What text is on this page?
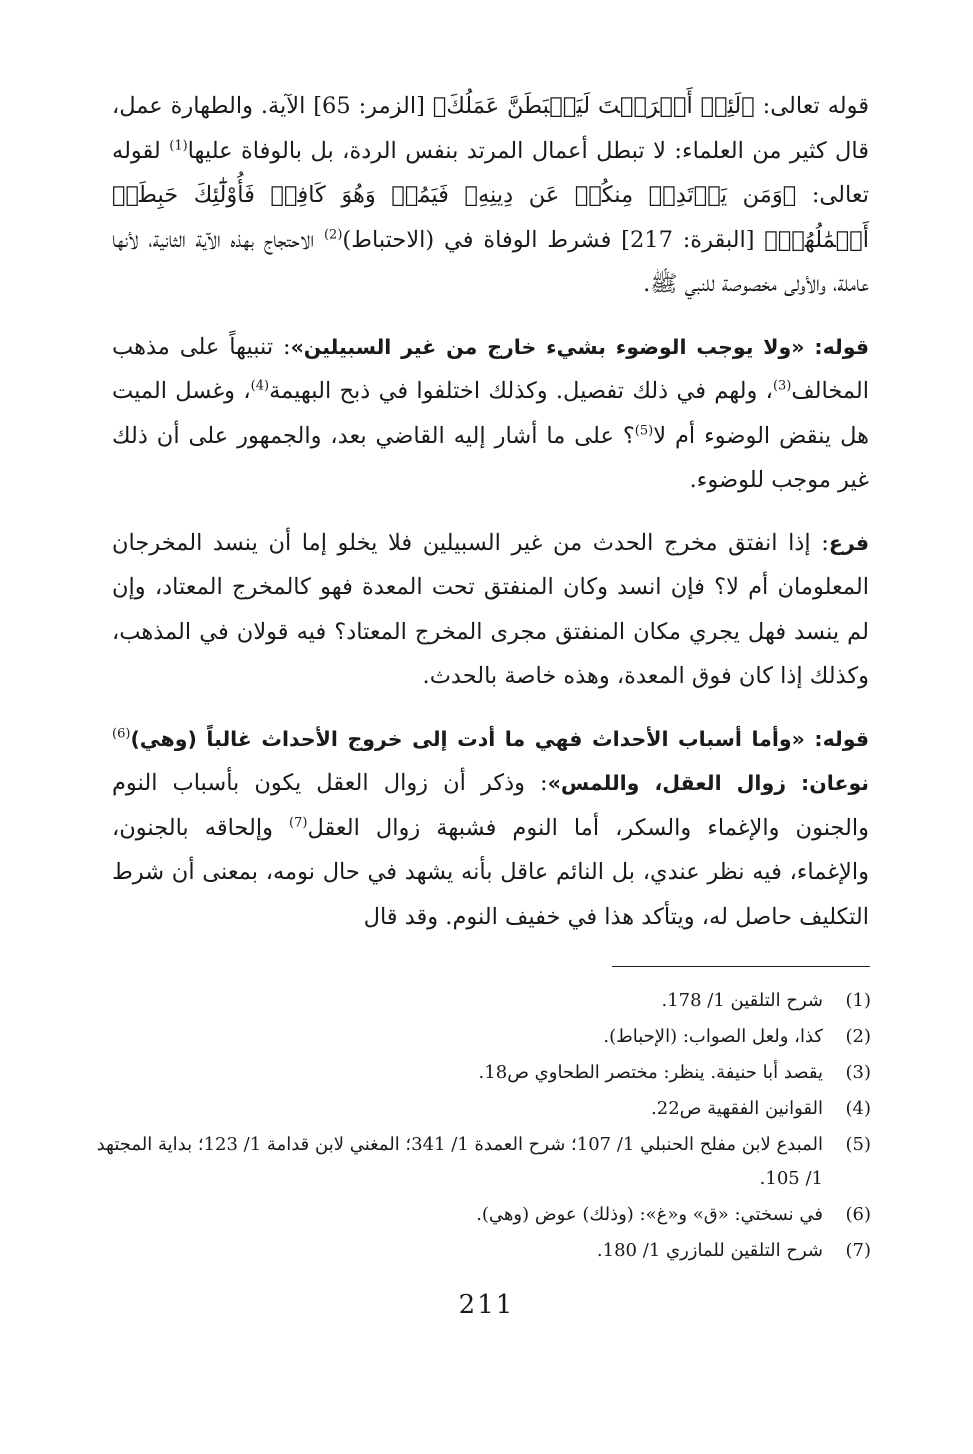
قوله تعالى: ﴿لَئِنۡ أَشۡرَكۡتَ لَيَحۡبَطَنَّ عَمَلُكَ﴾ [الزمر: 65] الآية. والطهارة عمل، قال كثير من العلماء: لا تبطل أعمال المرتد بنفس الردة، بل بالوفاة عليها$^{(1)}$ لقوله تعالى: ﴿وَمَن يَرۡتَدِدۡ مِنكُمۡ عَن دِينِهِۦ فَيَمُتۡ وَهُوَ كَافِرٞ فَأُوْلَٰٓئِكَ حَبِطَتۡ أَعۡمَٰلُهُمۡ﴾ [البقرة: 217] فشرط الوفاة في (الاحتباط)$^{(2)}$ الاحتجاج بهذه الآية الثانية، لأنها عاملة، والأولى مخصوصة للنبي ﷺ.

قوله: «ولا يوجب الوضوء بشيء خارج من غير السبيلين»: تنبيهاً على مذهب المخالف$^{(3)}$، ولهم في ذلك تفصيل. وكذلك اختلفوا في ذبح البهيمة$^{(4)}$، وغسل الميت هل ينقض الوضوء أم لا$^{(5)}$؟ على ما أشار إليه القاضي بعد، والجمهور على أن ذلك غير موجب للوضوء.

فرع: إذا انفتق مخرج الحدث من غير السبيلين فلا يخلو إما أن ينسد المخرجان المعلومان أم لا؟ فإن انسد وكان المنفتق تحت المعدة فهو كالمخرج المعتاد، وإن لم ينسد فهل يجري مكان المنفتق مجرى المخرج المعتاد؟ فيه قولان في المذهب، وكذلك إذا كان فوق المعدة، وهذه خاصة بالحدث.

قوله: «وأما أسباب الأحداث فهي ما أدت إلى خروج الأحداث غالباً (وهي)$^{(6)}$ نوعان: زوال العقل، واللمس»: وذكر أن زوال العقل يكون بأسباب النوم والجنون والإغماء والسكر، أما النوم فشبهة زوال العقل$^{(7)}$ وإلحاقه بالجنون، والإغماء، فيه نظر عندي، بل النائم عاقل بأنه يشهد في حال نومه، بمعنى أن شرط التكليف حاصل له، ويتأكد هذا في خفيف النوم. وقد قال

(1)
شرح التلقين 1/ 178.
(2)
كذا، ولعل الصواب: (الإحباط).
(3)
يقصد أبا حنيفة. ينظر: مختصر الطحاوي ص18.
(4)
القوانين الفقهية ص22.
(5)
المبدع لابن مفلح الحنبلي 1/ 107؛ شرح العمدة 1/ 341؛ المغني لابن قدامة 1/ 123؛ بداية المجتهد 1/ 105.
(6)
في نسختي: «ق» و«غ»: (وذلك) عوض (وهي).
(7)
شرح التلقين للمازري 1/ 180.
211
